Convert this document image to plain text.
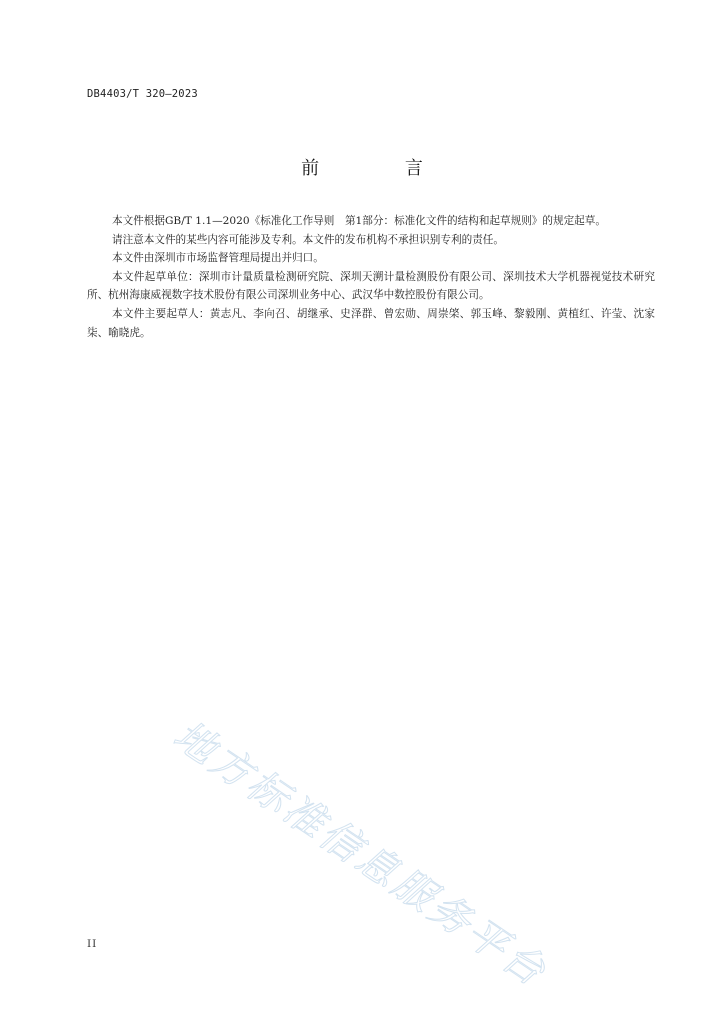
DB4403/T 320—2023
前 言

本文件根据GB/T 1.1—2020《标准化工作导则　第1部分：标准化文件的结构和起草规则》的规定起草。

请注意本文件的某些内容可能涉及专利。本文件的发布机构不承担识别专利的责任。

本文件由深圳市市场监督管理局提出并归口。

本文件起草单位：深圳市计量质量检测研究院、深圳天溯计量检测股份有限公司、深圳技术大学机器视觉技术研究所、杭州海康威视数字技术股份有限公司深圳业务中心、武汉华中数控股份有限公司。

本文件主要起草人：黄志凡、李向召、胡继承、史泽群、曾宏勋、周崇棨、郭玉峰、黎毅刚、黄植红、许莹、沈家柒、喻晓虎。

地方标准信息服务平台
II
